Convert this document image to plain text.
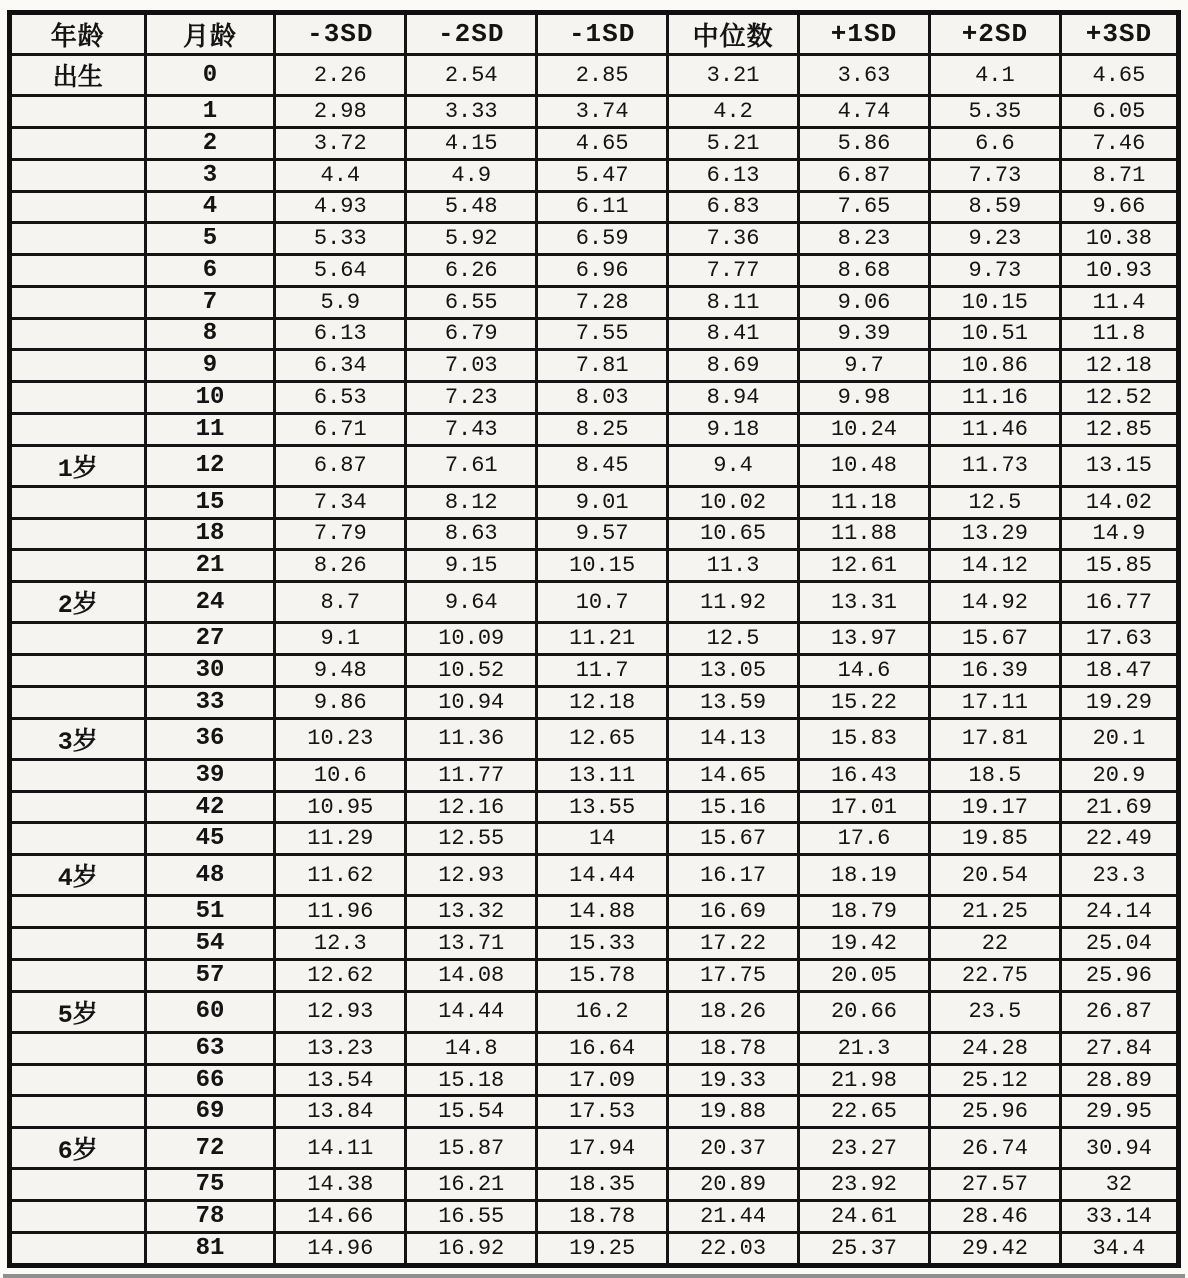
年龄	月龄	-3SD	-2SD	-1SD	中位数	+1SD	+2SD	+3SD
出生	0	2.26	2.54	2.85	3.21	3.63	4.1	4.65
	1	2.98	3.33	3.74	4.2	4.74	5.35	6.05
	2	3.72	4.15	4.65	5.21	5.86	6.6	7.46
	3	4.4	4.9	5.47	6.13	6.87	7.73	8.71
	4	4.93	5.48	6.11	6.83	7.65	8.59	9.66
	5	5.33	5.92	6.59	7.36	8.23	9.23	10.38
	6	5.64	6.26	6.96	7.77	8.68	9.73	10.93
	7	5.9	6.55	7.28	8.11	9.06	10.15	11.4
	8	6.13	6.79	7.55	8.41	9.39	10.51	11.8
	9	6.34	7.03	7.81	8.69	9.7	10.86	12.18
	10	6.53	7.23	8.03	8.94	9.98	11.16	12.52
	11	6.71	7.43	8.25	9.18	10.24	11.46	12.85
1岁	12	6.87	7.61	8.45	9.4	10.48	11.73	13.15
	15	7.34	8.12	9.01	10.02	11.18	12.5	14.02
	18	7.79	8.63	9.57	10.65	11.88	13.29	14.9
	21	8.26	9.15	10.15	11.3	12.61	14.12	15.85
2岁	24	8.7	9.64	10.7	11.92	13.31	14.92	16.77
	27	9.1	10.09	11.21	12.5	13.97	15.67	17.63
	30	9.48	10.52	11.7	13.05	14.6	16.39	18.47
	33	9.86	10.94	12.18	13.59	15.22	17.11	19.29
3岁	36	10.23	11.36	12.65	14.13	15.83	17.81	20.1
	39	10.6	11.77	13.11	14.65	16.43	18.5	20.9
	42	10.95	12.16	13.55	15.16	17.01	19.17	21.69
	45	11.29	12.55	14	15.67	17.6	19.85	22.49
4岁	48	11.62	12.93	14.44	16.17	18.19	20.54	23.3
	51	11.96	13.32	14.88	16.69	18.79	21.25	24.14
	54	12.3	13.71	15.33	17.22	19.42	22	25.04
	57	12.62	14.08	15.78	17.75	20.05	22.75	25.96
5岁	60	12.93	14.44	16.2	18.26	20.66	23.5	26.87
	63	13.23	14.8	16.64	18.78	21.3	24.28	27.84
	66	13.54	15.18	17.09	19.33	21.98	25.12	28.89
	69	13.84	15.54	17.53	19.88	22.65	25.96	29.95
6岁	72	14.11	15.87	17.94	20.37	23.27	26.74	30.94
	75	14.38	16.21	18.35	20.89	23.92	27.57	32
	78	14.66	16.55	18.78	21.44	24.61	28.46	33.14
	81	14.96	16.92	19.25	22.03	25.37	29.42	34.4
